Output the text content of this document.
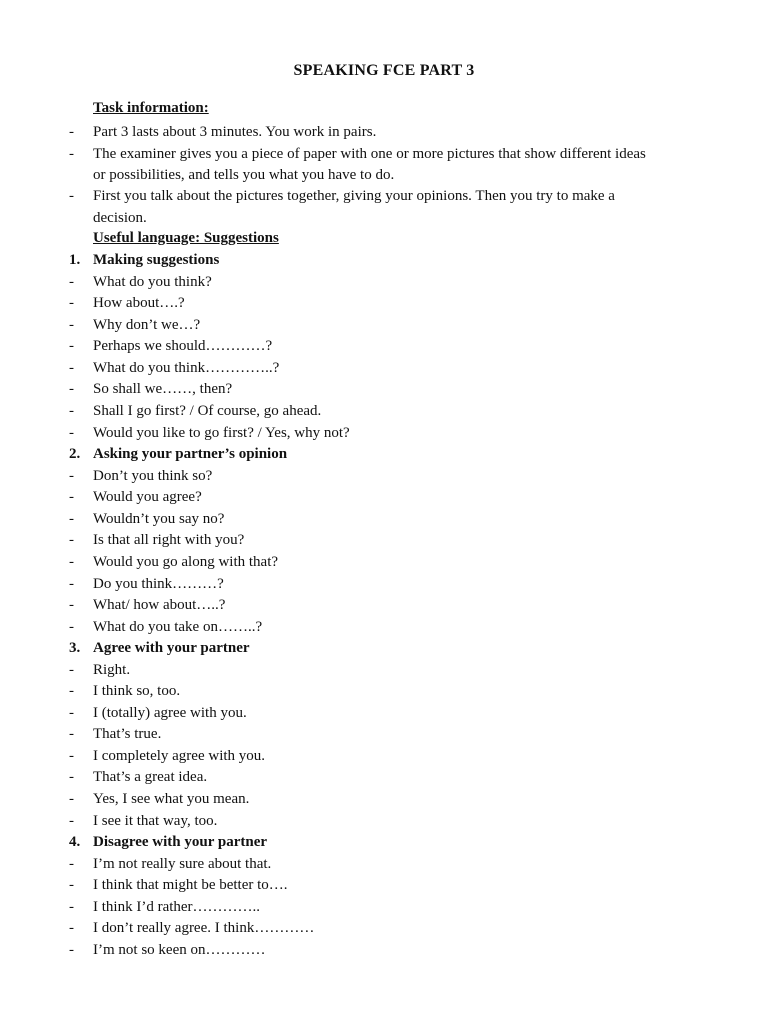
SPEAKING FCE PART 3
Task information:
-	Part 3 lasts about 3 minutes. You work in pairs.
-	The examiner gives you a piece of paper with one or more pictures that show different ideas
or possibilities, and tells you what you have to do.
-	First you talk about the pictures together, giving your opinions. Then you try to make a
decision.
Useful language: Suggestions
1. Making suggestions
-	What do you think?
-	How about….?
-	Why don’t we…?
-	Perhaps we should…………?
-	What do you think…………..?
-	So shall we……, then?
-	Shall I go first? / Of course, go ahead.
-	Would you like to go first? / Yes, why not?
2. Asking your partner’s opinion
-	Don’t you think so?
-	Would you agree?
-	Wouldn’t you say no?
-	Is that all right with you?
-	Would you go along with that?
-	Do you think………?
-	What/ how about…..?
-	What do you take on……..?
3. Agree with your partner
-	Right.
-	I think so, too.
-	I (totally) agree with you.
-	That’s true.
-	I completely agree with you.
-	That’s a great idea.
-	Yes, I see what you mean.
-	I see it that way, too.
4. Disagree with your partner
-	I’m not really sure about that.
-	I think that might be better to….
-	I think I’d rather…………..
-	I don’t really agree. I think…………
-	I’m not so keen on…………
